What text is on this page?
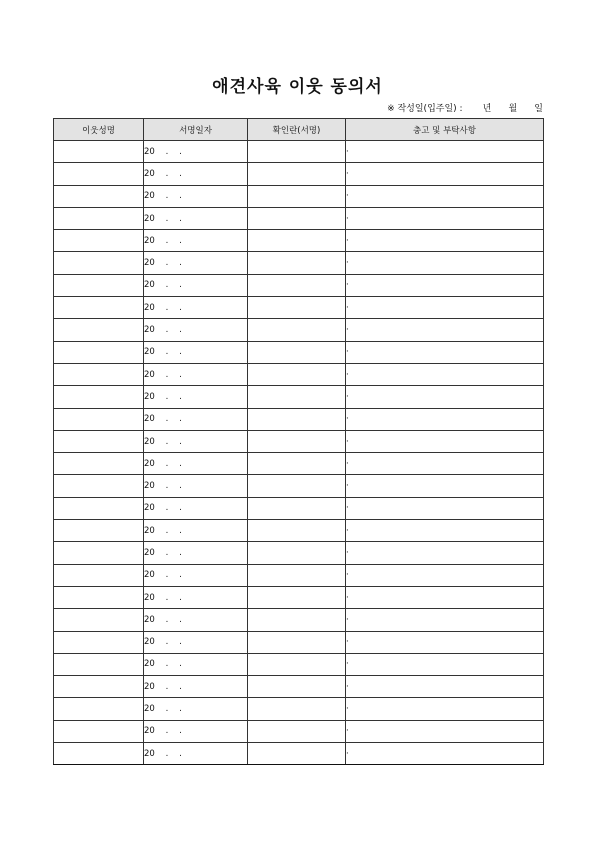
애견사육 이웃 동의서
※ 작성일(입주일) :       년      월      일
이웃성명	서명일자	확인란(서명)	충고 및 부탁사항
	20    .    .		·
	20    .    .		·
	20    .    .		·
	20    .    .		·
	20    .    .		·
	20    .    .		·
	20    .    .		·
	20    .    .		·
	20    .    .		·
	20    .    .		·
	20    .    .		·
	20    .    .		·
	20    .    .		·
	20    .    .		·
	20    .    .		·
	20    .    .		·
	20    .    .		·
	20    .    .		·
	20    .    .		·
	20    .    .		·
	20    .    .		·
	20    .    .		·
	20    .    .		·
	20    .    .		·
	20    .    .		·
	20    .    .		·
	20    .    .		·
	20    .    .		·
